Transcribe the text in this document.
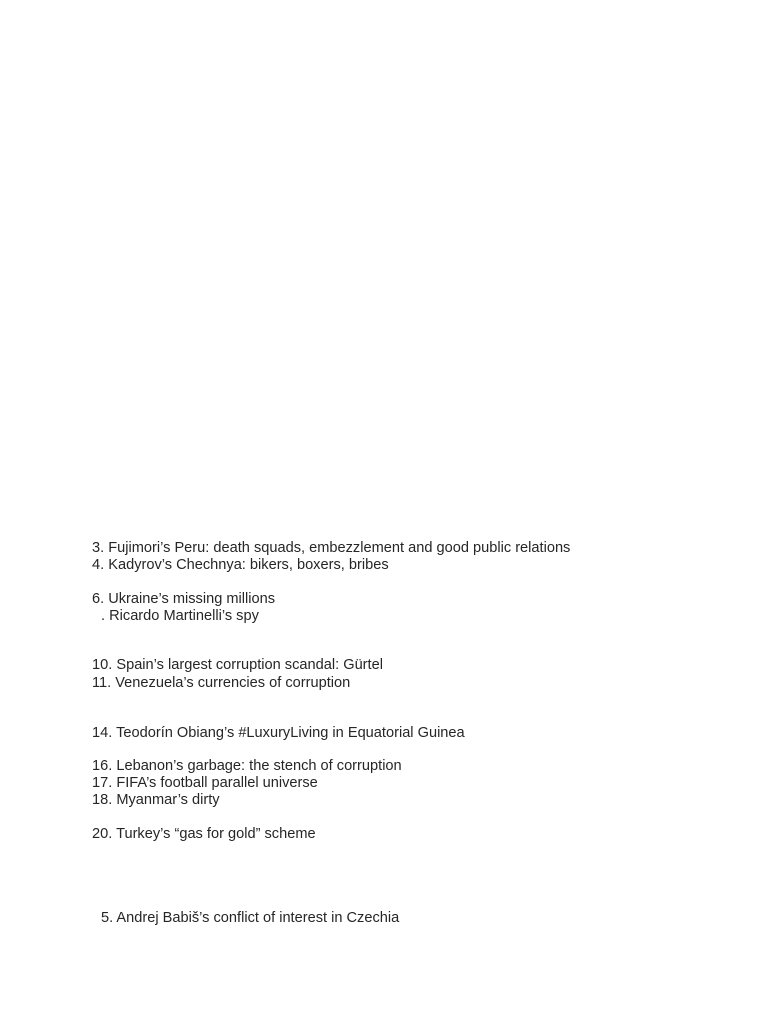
3. Fujimori’s Peru: death squads, embezzlement and good public relations
4. Kadyrov’s Chechnya: bikers, boxers, bribes
6. Ukraine’s missing millions
. Ricardo Martinelli’s spy
10. Spain’s largest corruption scandal: Gürtel
11. Venezuela’s currencies of corruption
14. Teodorín Obiang’s #LuxuryLiving in Equatorial Guinea
16. Lebanon’s garbage: the stench of corruption
17. FIFA’s football parallel universe
18. Myanmar’s dirty
20. Turkey’s “gas for gold” scheme
5. Andrej Babiš’s conflict of interest in Czechia
